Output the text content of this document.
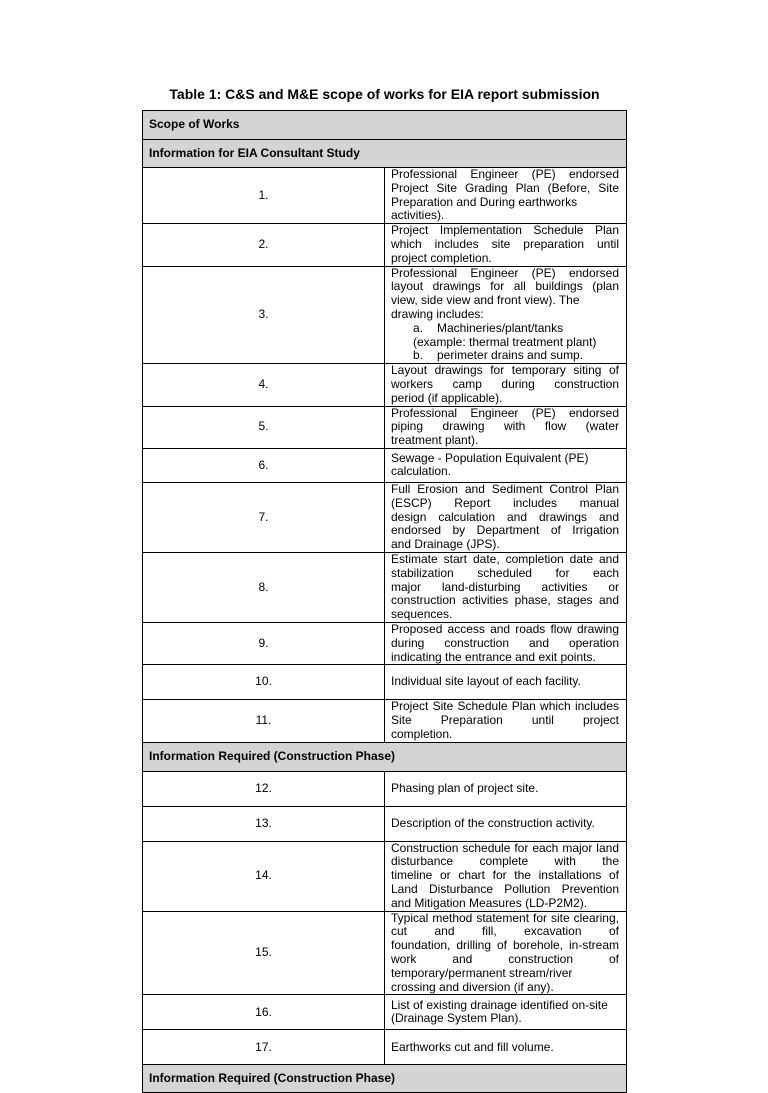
Table 1: C&S and M&E scope of works for EIA report submission
Scope of Works	
Information for EIA Consultant Study	
1.	Professional Engineer (PE) endorsed Project Site Grading Plan (Before, Site
Preparation and During earthworks activities).

2.	Project Implementation Schedule Plan which includes site preparation until
project completion.

3.	Professional Engineer (PE) endorsed layout drawings for all buildings (plan
view, side view and front view). The drawing includes:
a. Machineries/plant/tanks (example: thermal treatment plant)
b. perimeter drains and sump.

4.	Layout drawings for temporary siting of workers camp during construction
period (if applicable).

5.	Professional Engineer (PE) endorsed piping drawing with flow (water
treatment plant).

6.	Sewage - Population Equivalent (PE) calculation.

7.	Full Erosion and Sediment Control Plan (ESCP) Report includes manual
design calculation and drawings and endorsed by Department of Irrigation
and Drainage (JPS).

8.	Estimate start date, completion date and stabilization scheduled for each
major land-disturbing activities or construction activities phase, stages and
sequences.

9.	Proposed access and roads flow drawing during construction and operation
indicating the entrance and exit points.

10.	Individual site layout of each facility.

11.	Project Site Schedule Plan which includes Site Preparation until project
completion.

Information Required (Construction Phase)	
12.	Phasing plan of project site.

13.	Description of the construction activity.

14.	Construction schedule for each major land disturbance complete with the
timeline or chart for the installations of Land Disturbance Pollution Prevention
and Mitigation Measures (LD-P2M2).

15.	Typical method statement for site clearing, cut and fill, excavation of
foundation, drilling of borehole, in-stream work and construction of
temporary/permanent stream/river crossing and diversion (if any).

16.	List of existing drainage identified on-site (Drainage System Plan).

17.	Earthworks cut and fill volume.

Information Required (Construction Phase)	
